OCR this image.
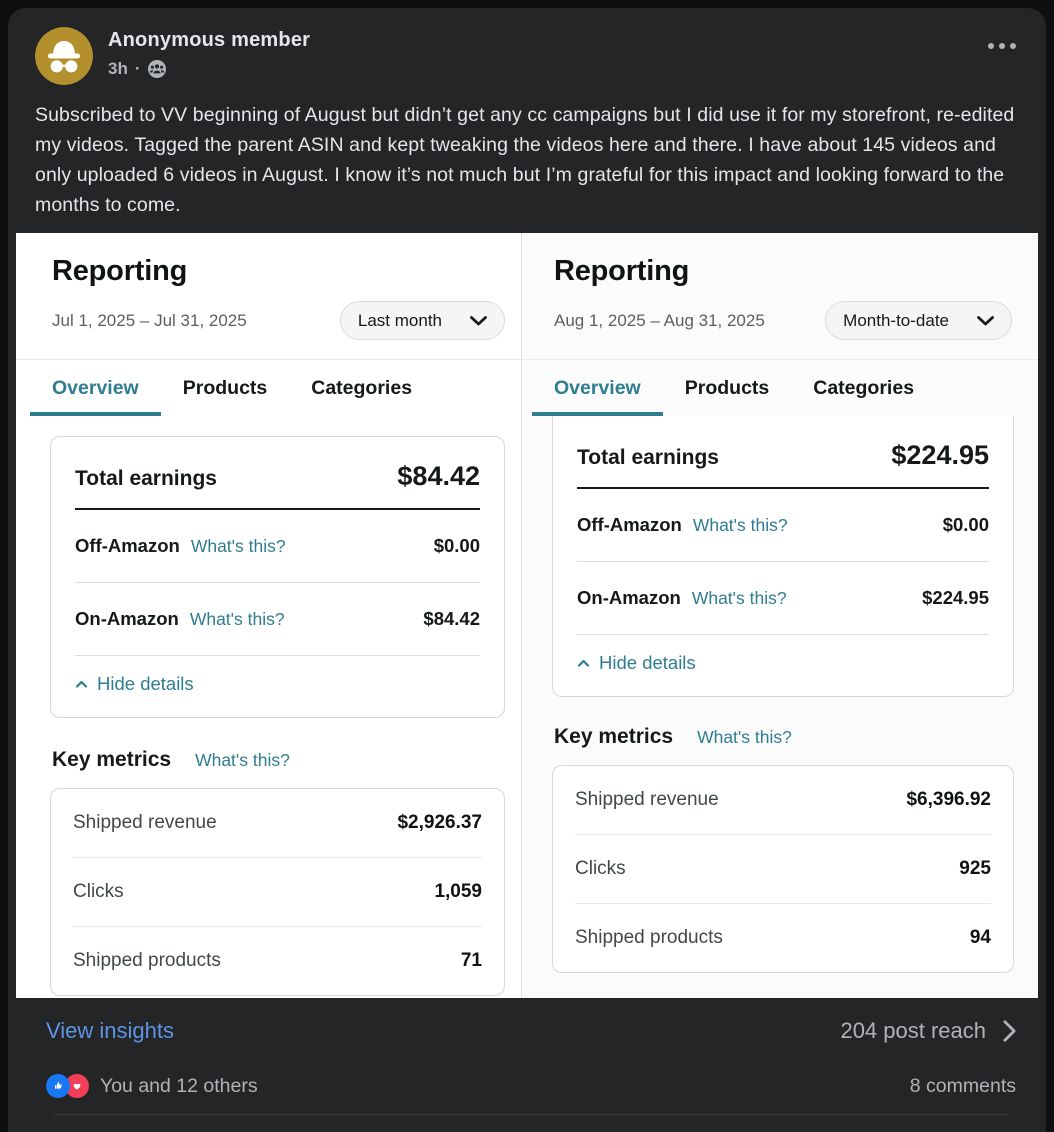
Anonymous member
3h ·
Subscribed to VV beginning of August but didn’t get any cc campaigns but I did use it for my storefront, re-edited my videos. Tagged the parent ASIN and kept tweaking the videos here and there. I have about 145 videos and only uploaded 6 videos in August. I know it’s not much but I’m grateful for this impact and looking forward to the months to come.
Reporting
Jul 1, 2025 – Jul 31, 2025	Last month
Overview	Products	Categories
Total earnings	$84.42
Off-Amazon What's this?	$0.00
On-Amazon What's this?	$84.42
Hide details
Key metrics What's this?
Shipped revenue	$2,926.37
Clicks	1,059
Shipped products	71
Reporting
Aug 1, 2025 – Aug 31, 2025	Month-to-date
Overview	Products	Categories
Total earnings	$224.95
Off-Amazon What's this?	$0.00
On-Amazon What's this?	$224.95
Hide details
Key metrics What's this?
Shipped revenue	$6,396.92
Clicks	925
Shipped products	94
View insights	204 post reach
You and 12 others	8 comments
